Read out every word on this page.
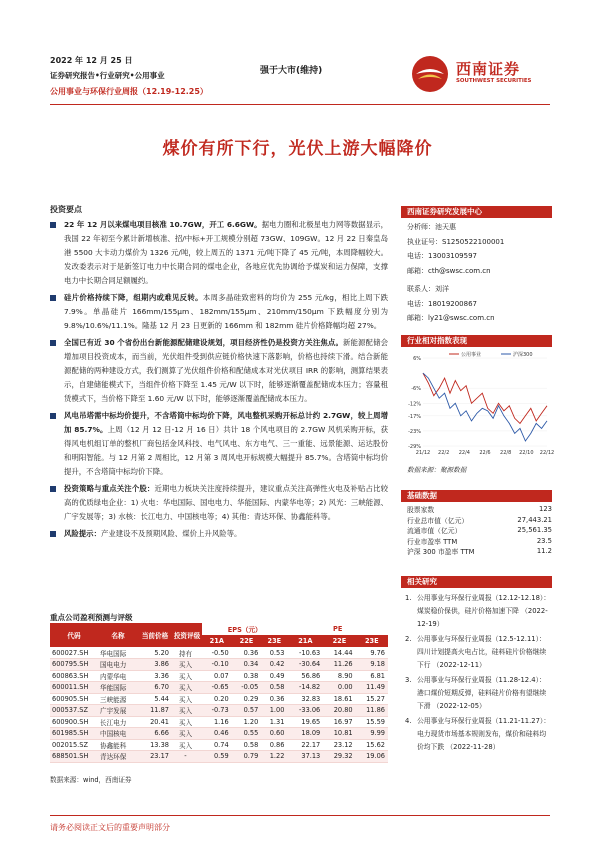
2022 年 12 月 25 日
证券研究报告•行业研究•公用事业
公用事业与环保行业周报（12.19-12.25）
强于大市(维持)	西南证券
SOUTHWEST SECURITIES
煤价有所下行，光伏上游大幅降价
投资要点

22 年 12 月以来煤电项目核准 10.7GW，开工 6.6GW。据电力圈和北极星电力网等数据显示，我国 22 年初至今累计新增核准、招/中标+开工规模分别超 73GW、109GW。12 月 22 日秦皇岛港 5500 大卡动力煤价为 1326 元/吨，较上周五的 1371 元/吨下降了 45 元/吨，本周降幅较大。发改委表示对于是新签订电力中长期合同的煤电企业，各地应优先协调给予煤炭和运力保障，支撑电力中长期合同足额履约。

硅片价格持续下降，组期内或难见反转。本周多晶硅致密料的均价为 255 元/kg，相比上周下跌 7.9%。单晶硅片 166mm/155μm、182mm/155μm、210mm/150μm 下跌幅度分别为 9.8%/10.6%/11.1%。隆基 12 月 23 日更新的 166mm 和 182mm 硅片价格降幅均超 27%。

全国已有近 30 个省份出台新能源配储建设规划，项目经济性仍是投资方关注焦点。新能源配储会增加项目投资成本，而当前，光伏组件受到供应链价格快速下落影响，价格也持续下滑。结合新能源配储的两种建设方式，我们测算了光伏组件价格和配储成本对光伏项目 IRR 的影响，测算结果表示，自建储能模式下，当组件价格下降至 1.45 元/W 以下时，能够逐渐覆盖配储成本压力；容量租赁模式下，当价格下降至 1.60 元/W 以下时，能够逐渐覆盖配储成本压力。

风电吊塔需中标均价提升，不含塔筒中标均价下降，风电整机采购开标总计约 2.7GW，较上周增加 85.7%。上周（12 月 12 日-12 月 16 日）共计 18 个风电项目的 2.7GW 风机采购开标，获得风电机组订单的整机厂商包括金风科技、电气风电、东方电气、三一重能、远景能源、运达股份和明阳智能。与 12 月第 2 周相比，12 月第 3 周风电开标规模大幅提升 85.7%。含塔筒中标均价提升，不含塔筒中标均价下降。

投资策略与重点关注个股：近期电力板块关注度持续提升，建议重点关注高弹性火电及补贴占比较高的优质绿电企业：1) 火电：华电国际、国电电力、华能国际、内蒙华电等；2) 风光：三峡能源、广宇发展等；3) 水核：长江电力、中国核电等；4) 其他：青达环保、协鑫能科等。

风险提示：产业建设不及预期风险、煤价上升风险等。

重点公司盈利预测与评级
代码	名称	当前价格	投资评级	EPS（元）			PE		
				21A	22E	23E	21A	22E	23E
600027.SH	华电国际	5.20	持有	-0.50	0.36	0.53	-10.63	14.44	9.76
600795.SH	国电电力	3.86	买入	-0.10	0.34	0.42	-30.64	11.26	9.18
600863.SH	内蒙华电	3.36	买入	0.07	0.38	0.49	56.86	8.90	6.81
600011.SH	华能国际	6.70	买入	-0.65	-0.05	0.58	-14.82	0.00	11.49
600905.SH	三峡能源	5.44	买入	0.20	0.29	0.36	32.83	18.61	15.27
000537.SZ	广宇发展	11.87	买入	-0.73	0.57	1.00	-33.06	20.80	11.86
600900.SH	长江电力	20.41	买入	1.16	1.20	1.31	19.65	16.97	15.59
601985.SH	中国核电	6.66	买入	0.46	0.55	0.60	18.09	10.81	9.99
002015.SZ	协鑫能科	13.38	买入	0.74	0.58	0.86	22.17	23.12	15.62
688501.SH	青达环保	23.17	-	0.59	0.79	1.22	37.13	29.32	19.06
数据来源：wind，西南证券
请务必阅读正文后的重要声明部分
西南证券研究发展中心
分析师：池天惠
执业证号：S1250522100001
电话：13003109597
邮箱：cth@swsc.com.cn
联系人：刘洋
电话：18019200867
邮箱：ly21@swsc.com.cn
行业相对指数表现
6%
-6%
-12%
-17%
-23%
-29%
21/12 22/2 22/4 22/6 22/8 22/10 22/12
公用事业	沪深300
数据来源：聚源数据
基础数据
股票家数	123
行业总市值（亿元）	27,443.21
流通市值（亿元）	25,561.35
行业市盈率 TTM	23.5
沪深 300 市盈率 TTM	11.2
相关研究

1. 公用事业与环保行业周报（12.12-12.18）：煤炭稳价保供，硅片价格加速下降 （2022-12-19）

2. 公用事业与环保行业周报（12.5-12.11）：四川计划提高火电占比，硅料硅片价格继续下行 （2022-12-11）

3. 公用事业与环保行业周报（11.28-12.4）：港口煤价短期反弹，硅料硅片价格有望继续下滑 （2022-12-05）

4. 公用事业与环保行业周报（11.21-11.27）：电力现货市场基本规则发布，煤价和硅料均价均下跌 （2022-11-28）
